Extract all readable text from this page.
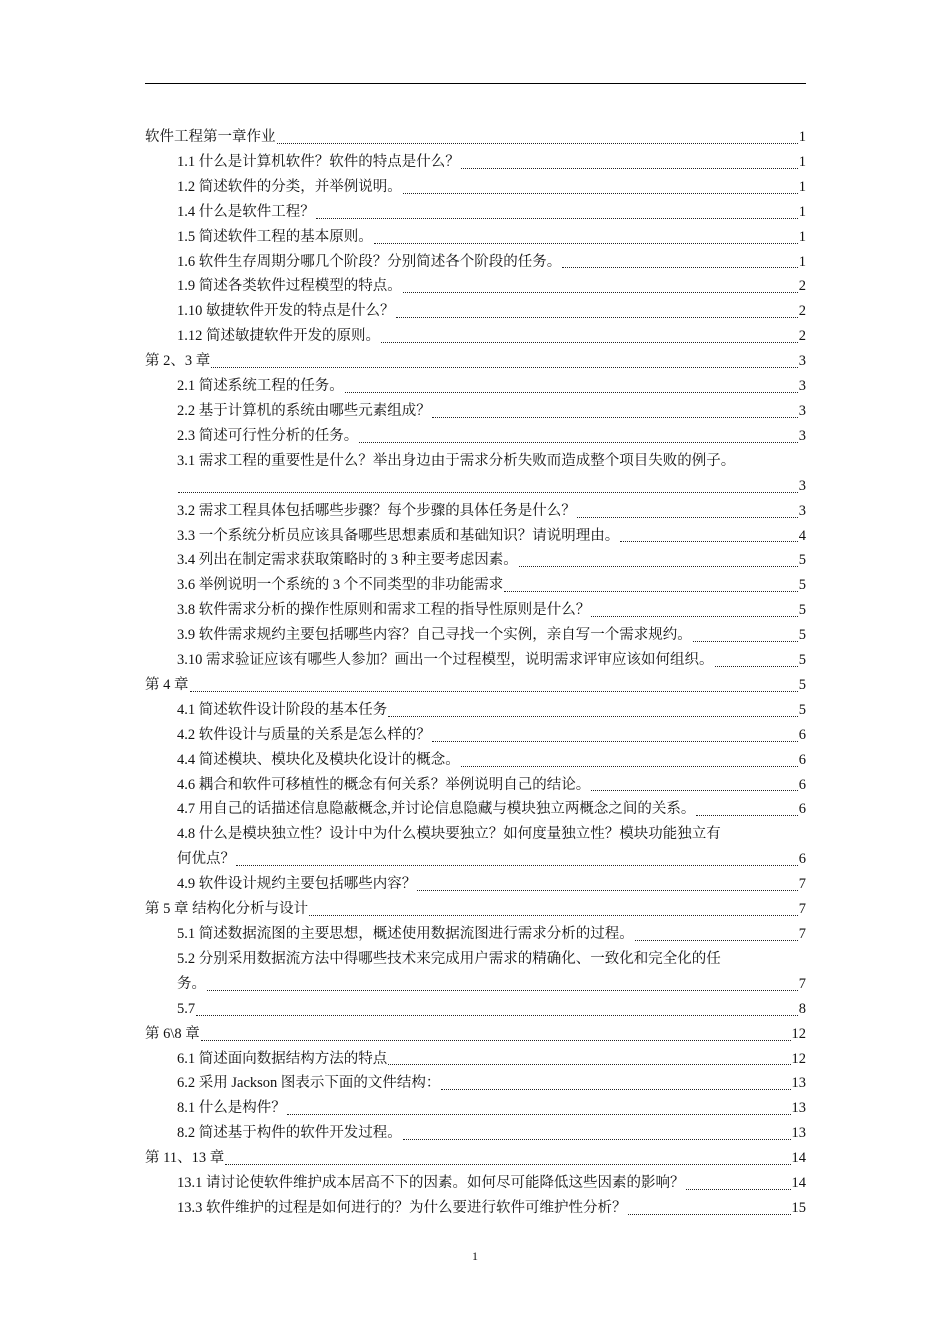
软件工程第一章作业	1
1.1 什么是计算机软件？软件的特点是什么？	1
1.2 简述软件的分类，并举例说明。	1
1.4 什么是软件工程？	1
1.5 简述软件工程的基本原则。	1
1.6 软件生存周期分哪几个阶段？分别简述各个阶段的任务。	1
1.9 简述各类软件过程模型的特点。	2
1.10 敏捷软件开发的特点是什么？	2
1.12 简述敏捷软件开发的原则。	2
第 2、3 章	3
2.1 简述系统工程的任务。	3
2.2 基于计算机的系统由哪些元素组成？	3
2.3 简述可行性分析的任务。	3
3.1 需求工程的重要性是什么？举出身边由于需求分析失败而造成整个项目失败的例子。
3
3.2 需求工程具体包括哪些步骤？每个步骤的具体任务是什么？	3
3.3 一个系统分析员应该具备哪些思想素质和基础知识？请说明理由。	4
3.4 列出在制定需求获取策略时的 3 种主要考虑因素。	5
3.6 举例说明一个系统的 3 个不同类型的非功能需求	5
3.8 软件需求分析的操作性原则和需求工程的指导性原则是什么？	5
3.9 软件需求规约主要包括哪些内容？自己寻找一个实例，亲自写一个需求规约。	5
3.10 需求验证应该有哪些人参加？画出一个过程模型，说明需求评审应该如何组织。	5
第 4 章	5
4.1 简述软件设计阶段的基本任务	5
4.2 软件设计与质量的关系是怎么样的？	6
4.4 简述模块、模块化及模块化设计的概念。	6
4.6 耦合和软件可移植性的概念有何关系？举例说明自己的结论。	6
4.7 用自己的话描述信息隐蔽概念,并讨论信息隐藏与模块独立两概念之间的关系。	6
4.8 什么是模块独立性？设计中为什么模块要独立？如何度量独立性？模块功能独立有
何优点？	6
4.9 软件设计规约主要包括哪些内容？	7
第 5 章 结构化分析与设计	7
5.1 简述数据流图的主要思想，概述使用数据流图进行需求分析的过程。	7
5.2 分别采用数据流方法中得哪些技术来完成用户需求的精确化、一致化和完全化的任
务。	7
5.7	8
第 6\8 章	12
6.1 简述面向数据结构方法的特点	12
6.2 采用 Jackson 图表示下面的文件结构：	13
8.1 什么是构件？	13
8.2 简述基于构件的软件开发过程。	13
第 11、13 章	14
13.1 请讨论使软件维护成本居高不下的因素。如何尽可能降低这些因素的影响？	14
13.3 软件维护的过程是如何进行的？为什么要进行软件可维护性分析？	15
1
